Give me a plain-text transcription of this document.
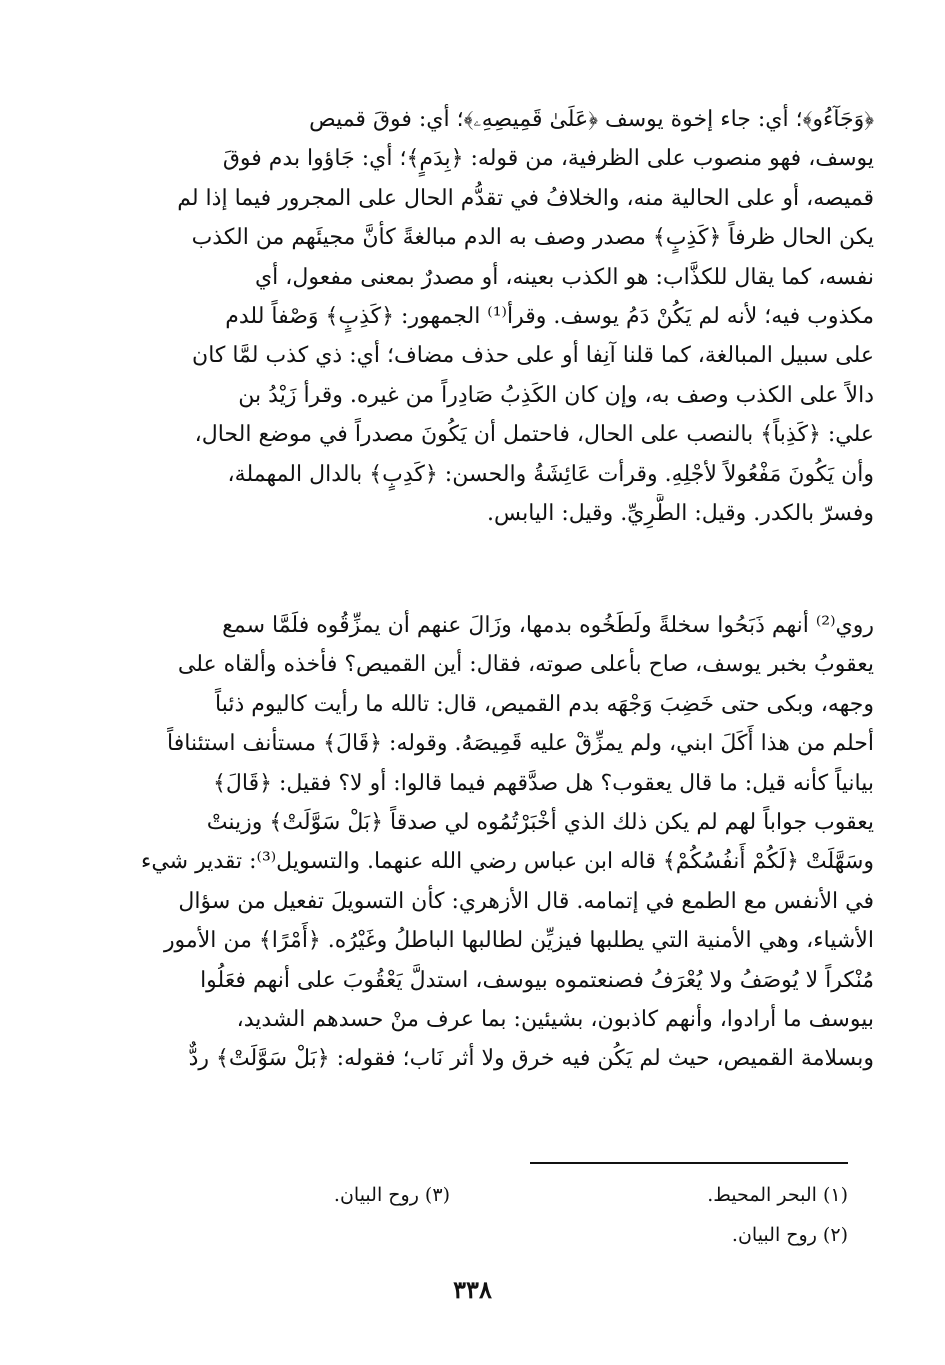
﴿وَجَآءُو﴾؛ أي: جاء إخوة يوسف ﴿عَلَىٰ قَمِيصِهِۦ﴾؛ أي: فوقَ قميص
يوسف، فهو منصوب على الظرفية، من قوله: ﴿بِدَمٍ﴾؛ أي: جَاؤوا بدم فوقَ
قميصه، أو على الحالية منه، والخلافُ في تقدُّم الحال على المجرور فيما إذا لم
يكن الحال ظرفاً ﴿كَذِبٍ﴾ مصدر وصف به الدم مبالغةً كأنَّ مجيئَهم من الكذب
نفسه، كما يقال للكذَّاب: هو الكذب بعينه، أو مصدرٌ بمعنى مفعول، أي
مكذوب فيه؛ لأنه لم يَكُنْ دَمُ يوسف. وقرأ⁽¹⁾ الجمهور: ﴿كَذِبٍ﴾ وَصْفاً للدم
على سبيل المبالغة، كما قلنا آنِفا أو على حذف مضاف؛ أي: ذي كذب لمَّا كان
دالاً على الكذب وصف به، وإن كان الكَذِبُ صَادِراً من غيره. وقرأ زَيْدُ بن
علي: ﴿كَذِباً﴾ بالنصب على الحال، فاحتمل أن يَكُونَ مصدراً في موضع الحال،
وأن يَكُونَ مَفْعُولاً لأجْلِهِ. وقرأت عَائِشَةُ والحسن: ﴿كَدِبٍ﴾ بالدال المهملة،
وفسرّ بالكدر. وقيل: الطَّرِيِّ. وقيل: اليابس.
روي⁽²⁾ أنهم ذَبَحُوا سخلةً ولَطَخُوه بدمها، وزَالَ عنهم أن يمزِّقُوه فلَمَّا سمع
يعقوبُ بخبر يوسف، صاح بأعلى صوته، فقال: أين القميص؟ فأخذه وألقاه على
وجهه، وبكى حتى خَضِبَ وَجْهَه بدم القميص، قال: تالله ما رأيت كاليوم ذئباً
أحلم من هذا أَكَلَ ابني، ولم يمزِّقْ عليه قَمِيصَهُ. وقوله: ﴿قَالَ﴾ مستأنف استئنافاً
بيانياً كأنه قيل: ما قال يعقوب؟ هل صدَّقهم فيما قالوا: أو لا؟ فقيل: ﴿قَالَ﴾
يعقوب جواباً لهم لم يكن ذلك الذي أخْبَرْتُمُوه لي صدقاً ﴿بَلْ سَوَّلَتْ﴾ وزينتْ
وسَهَّلَتْ ﴿لَكُمْ أَنفُسُكُمْ﴾ قاله ابن عباس رضي الله عنهما. والتسويل⁽³⁾: تقدير شيء
في الأنفس مع الطمع في إتمامه. قال الأزهري: كأن التسويلَ تفعيل من سؤال
الأشياء، وهي الأمنية التي يطلبها فيزيِّن لطالبها الباطلُ وغَيْرُه. ﴿أَمْرًا﴾ من الأمور
مُنْكراً لا يُوصَفُ ولا يُعْرَفُ فصنعتموه بيوسف، استدلَّ يَعْقُوبَ على أنهم فعَلُوا
بيوسف ما أرادوا، وأنهم كاذبون، بشيئين: بما عرف منْ حسدهم الشديد،
وبسلامة القميص، حيث لم يَكُن فيه خرق ولا أثر نَاب؛ فقوله: ﴿بَلْ سَوَّلَتْ﴾ ردٌّ
(١) البحر المحيط.
(٢) روح البيان.
(٣) روح البيان.
٣٣٨
